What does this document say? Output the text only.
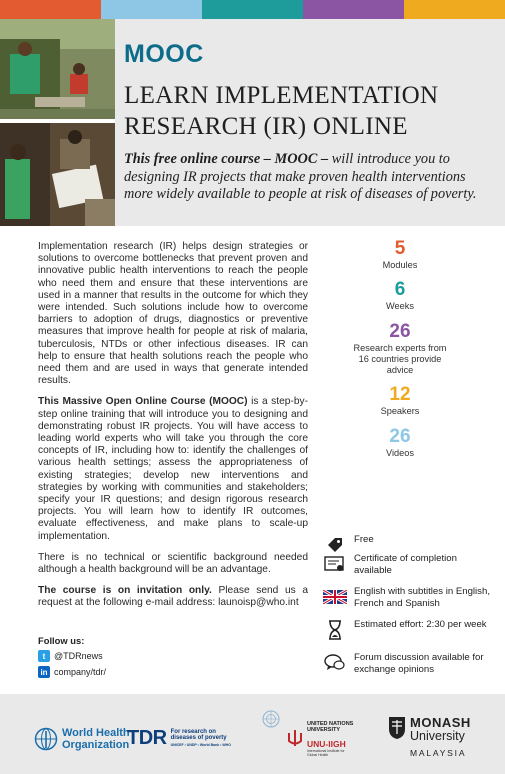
MOOC
LEARN IMPLEMENTATION
RESEARCH (IR) ONLINE
This free online course – MOOC – will introduce you to designing IR projects that make proven health interventions more widely available to people at risk of diseases of poverty.

Implementation research (IR) helps design strategies or solutions to overcome bottlenecks that prevent proven and innovative public health interventions to reach the people who need them and ensure that these interventions are used in a manner that results in the outcome for which they were intended. Such solutions include how to overcome barriers to adoption of drugs, diagnostics or preventive measures that improve health for people at risk of malaria, tuberculosis, NTDs or other infectious diseases. IR can help to ensure that health solutions reach the people who need them and are used in ways that generate intended results.

This Massive Open Online Course (MOOC) is a step-by-step online training that will introduce you to designing and demonstrating robust IR projects. You will have access to leading world experts who will take you through the core concepts of IR, including how to: identify the challenges of various health settings; assess the appropriateness of existing strategies; develop new interventions and strategies by working with communities and stakeholders; specify your IR questions; and design rigorous research projects. You will learn how to identify IR outcomes, evaluate effectiveness, and make plans to scale-up implementation.

There is no technical or scientific background needed although a health background will be an advantage.

The course is on invitation only. Please send us a request at the following e-mail address: launoisp@who.int

5
Modules
6
Weeks
26
Research experts from 16 countries provide advice
12
Speakers
26
Videos
Free
Certificate of completion available
English with subtitles in English, French and Spanish
Estimated effort: 2:30 per week
Forum discussion available for exchange opinions
Follow us:
t @TDRnews
in company/tdr/
World Health
Organization
TDR For research on
diseases of poverty
UNICEF • UNDP • World Bank • WHO
UNITED NATIONS
UNIVERSITY
UNU-IIGH
International Institute for Global Health
MONASH
University
MALAYSIA
